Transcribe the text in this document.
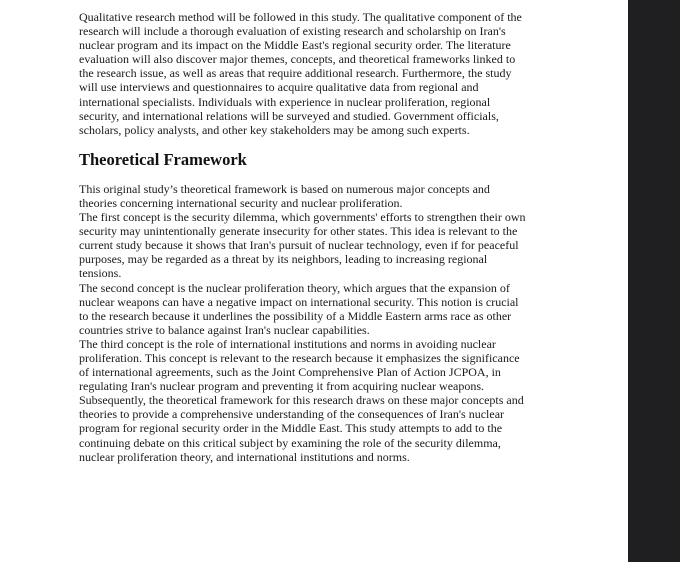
Qualitative research method will be followed in this study. The qualitative component of the
research will include a thorough evaluation of existing research and scholarship on Iran's
nuclear program and its impact on the Middle East's regional security order. The literature
evaluation will also discover major themes, concepts, and theoretical frameworks linked to
the research issue, as well as areas that require additional research. Furthermore, the study
will use interviews and questionnaires to acquire qualitative data from regional and
international specialists. Individuals with experience in nuclear proliferation, regional
security, and international relations will be surveyed and studied. Government officials,
scholars, policy analysts, and other key stakeholders may be among such experts.
Theoretical Framework
This original study’s theoretical framework is based on numerous major concepts and
theories concerning international security and nuclear proliferation.
The first concept is the security dilemma, which governments' efforts to strengthen their own
security may unintentionally generate insecurity for other states. This idea is relevant to the
current study because it shows that Iran's pursuit of nuclear technology, even if for peaceful
purposes, may be regarded as a threat by its neighbors, leading to increasing regional
tensions.
The second concept is the nuclear proliferation theory, which argues that the expansion of
nuclear weapons can have a negative impact on international security. This notion is crucial
to the research because it underlines the possibility of a Middle Eastern arms race as other
countries strive to balance against Iran's nuclear capabilities.
The third concept is the role of international institutions and norms in avoiding nuclear
proliferation. This concept is relevant to the research because it emphasizes the significance
of international agreements, such as the Joint Comprehensive Plan of Action JCPOA, in
regulating Iran's nuclear program and preventing it from acquiring nuclear weapons.
Subsequently, the theoretical framework for this research draws on these major concepts and
theories to provide a comprehensive understanding of the consequences of Iran's nuclear
program for regional security order in the Middle East. This study attempts to add to the
continuing debate on this critical subject by examining the role of the security dilemma,
nuclear proliferation theory, and international institutions and norms.
